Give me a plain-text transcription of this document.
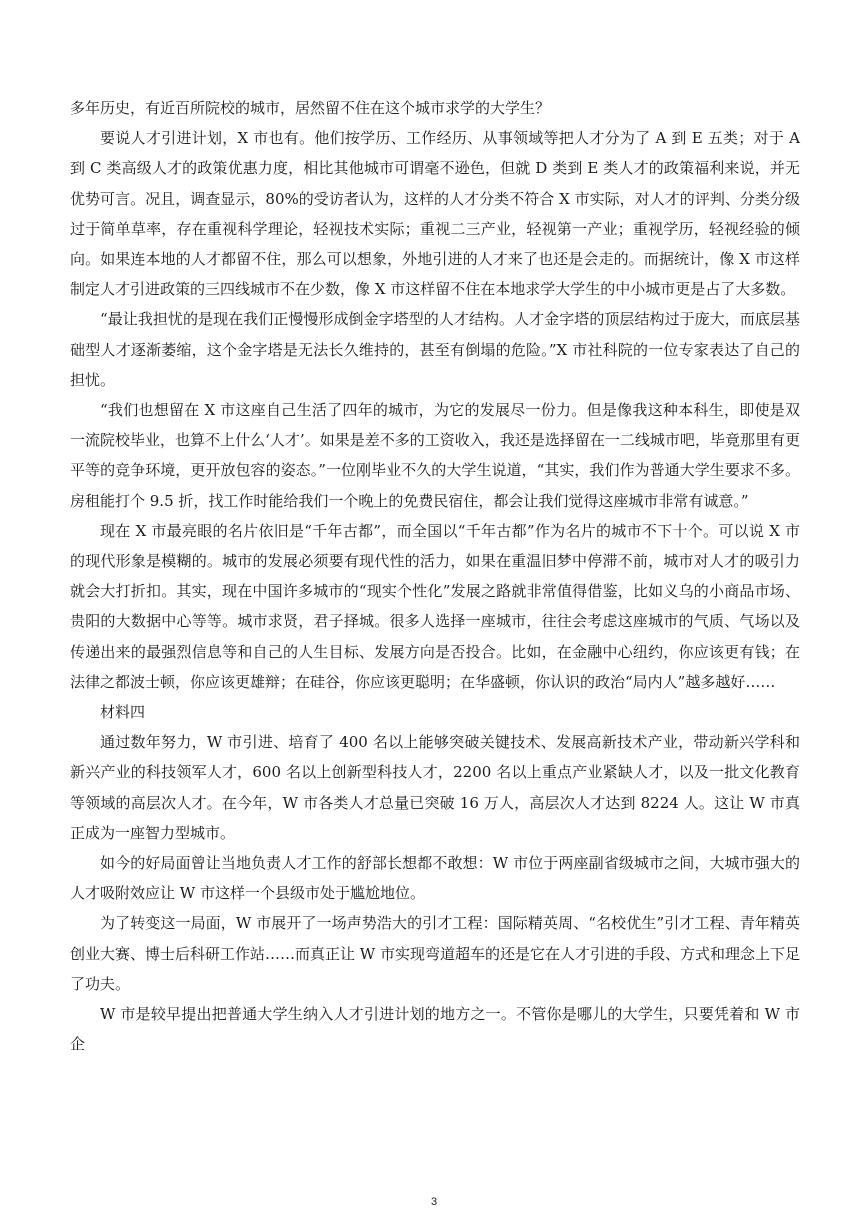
多年历史，有近百所院校的城市，居然留不住在这个城市求学的大学生？

要说人才引进计划，X 市也有。他们按学历、工作经历、从事领域等把人才分为了 A 到 E 五类；对于 A 到 C 类高级人才的政策优惠力度，相比其他城市可谓毫不逊色，但就 D 类到 E 类人才的政策福利来说，并无优势可言。况且，调查显示，80%的受访者认为，这样的人才分类不符合 X 市实际，对人才的评判、分类分级过于简单草率，存在重视科学理论，轻视技术实际；重视二三产业，轻视第一产业；重视学历，轻视经验的倾向。如果连本地的人才都留不住，那么可以想象，外地引进的人才来了也还是会走的。而据统计，像 X 市这样制定人才引进政策的三四线城市不在少数，像 X 市这样留不住在本地求学大学生的中小城市更是占了大多数。

“最让我担忧的是现在我们正慢慢形成倒金字塔型的人才结构。人才金字塔的顶层结构过于庞大，而底层基础型人才逐渐萎缩，这个金字塔是无法长久维持的，甚至有倒塌的危险。”X 市社科院的一位专家表达了自己的担忧。

“我们也想留在 X 市这座自己生活了四年的城市，为它的发展尽一份力。但是像我这种本科生，即使是双一流院校毕业，也算不上什么‘人才’。如果是差不多的工资收入，我还是选择留在一二线城市吧，毕竟那里有更平等的竞争环境，更开放包容的姿态。”一位刚毕业不久的大学生说道，“其实，我们作为普通大学生要求不多。房租能打个 9.5 折，找工作时能给我们一个晚上的免费民宿住，都会让我们觉得这座城市非常有诚意。”

现在 X 市最亮眼的名片依旧是“千年古都”，而全国以“千年古都”作为名片的城市不下十个。可以说 X 市的现代形象是模糊的。城市的发展必须要有现代性的活力，如果在重温旧梦中停滞不前，城市对人才的吸引力就会大打折扣。其实，现在中国许多城市的“现实个性化”发展之路就非常值得借鉴，比如义乌的小商品市场、贵阳的大数据中心等等。城市求贤，君子择城。很多人选择一座城市，往往会考虑这座城市的气质、气场以及传递出来的最强烈信息等和自己的人生目标、发展方向是否投合。比如，在金融中心纽约，你应该更有钱；在法律之都波士顿，你应该更雄辩；在硅谷，你应该更聪明；在华盛顿，你认识的政治“局内人”越多越好……

材料四

通过数年努力，W 市引进、培育了 400 名以上能够突破关键技术、发展高新技术产业，带动新兴学科和新兴产业的科技领军人才，600 名以上创新型科技人才，2200 名以上重点产业紧缺人才，以及一批文化教育等领域的高层次人才。在今年，W 市各类人才总量已突破 16 万人，高层次人才达到 8224 人。这让 W 市真正成为一座智力型城市。

如今的好局面曾让当地负责人才工作的舒部长想都不敢想：W 市位于两座副省级城市之间，大城市强大的人才吸附效应让 W 市这样一个县级市处于尴尬地位。

为了转变这一局面，W 市展开了一场声势浩大的引才工程：国际精英周、“名校优生”引才工程、青年精英创业大赛、博士后科研工作站……而真正让 W 市实现弯道超车的还是它在人才引进的手段、方式和理念上下足了功夫。

W 市是较早提出把普通大学生纳入人才引进计划的地方之一。不管你是哪儿的大学生，只要凭着和 W 市企

3
